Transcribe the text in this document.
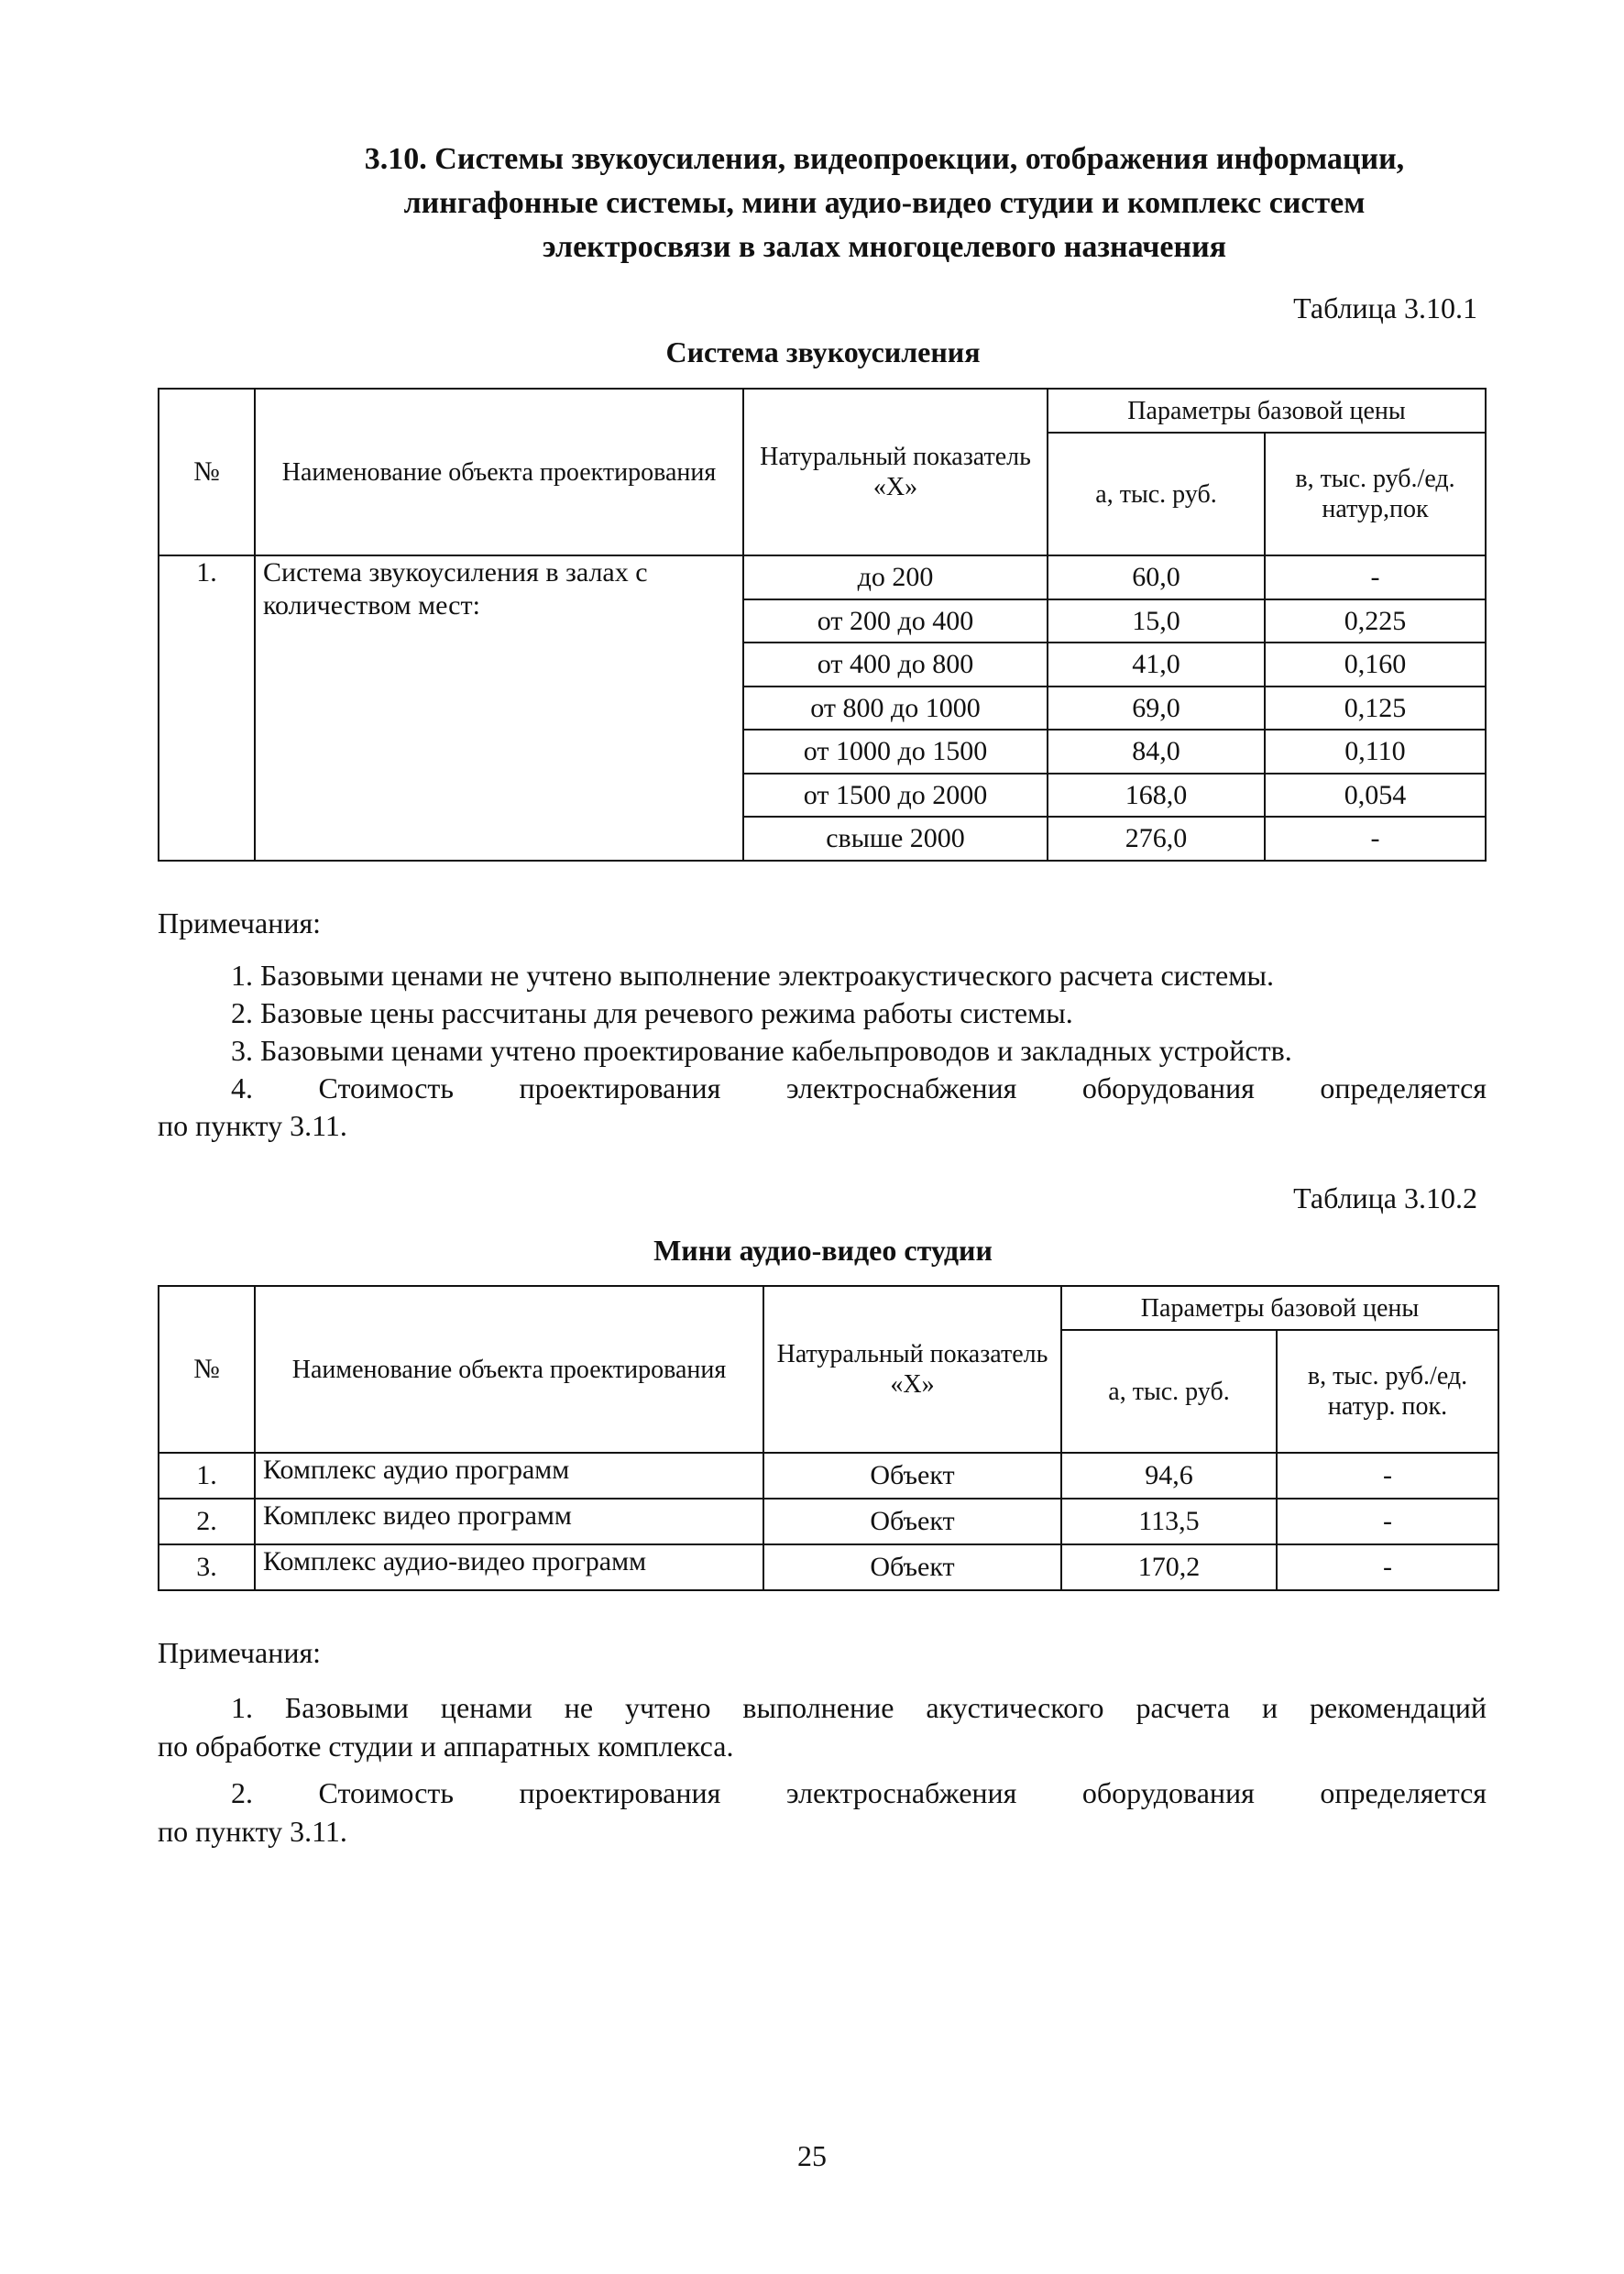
3.10. Системы звукоусиления, видеопроекции, отображения информации,
лингафонные системы, мини аудио-видео студии и комплекс систем
электросвязи в залах многоцелевого назначения
Таблица 3.10.1
Система звукоусиления
№	Наименование объекта проектирования	Натуральный показатель «Х»	Параметры базовой цены	
			а, тыс. руб.	в, тыс. руб./ед. натур,пок
1.	Система звукоусиления в залах с количеством мест:	до 200	60,0	-
		от 200 до 400	15,0	0,225
		от 400 до 800	41,0	0,160
		от 800 до 1000	69,0	0,125
		от 1000 до 1500	84,0	0,110
		от 1500 до 2000	168,0	0,054
		свыше 2000	276,0	-
Примечания:
1. Базовыми ценами не учтено выполнение электроакустического расчета системы.
2. Базовые цены рассчитаны для речевого режима работы системы.
3. Базовыми ценами учтено проектирование кабельпроводов и закладных устройств.
4. Стоимость проектирования электроснабжения оборудования определяется
по пункту 3.11.
Таблица 3.10.2
Мини аудио-видео студии
№	Наименование объекта проектирования	Натуральный показатель «Х»	Параметры базовой цены	
			а, тыс. руб.	в, тыс. руб./ед. натур. пок.
1.	Комплекс аудио программ	Объект	94,6	-
2.	Комплекс видео программ	Объект	113,5	-
3.	Комплекс аудио-видео программ	Объект	170,2	-
Примечания:
1. Базовыми ценами не учтено выполнение акустического расчета и рекомендаций
по обработке студии и аппаратных комплекса.
2. Стоимость проектирования электроснабжения оборудования определяется
по пункту 3.11.
25
